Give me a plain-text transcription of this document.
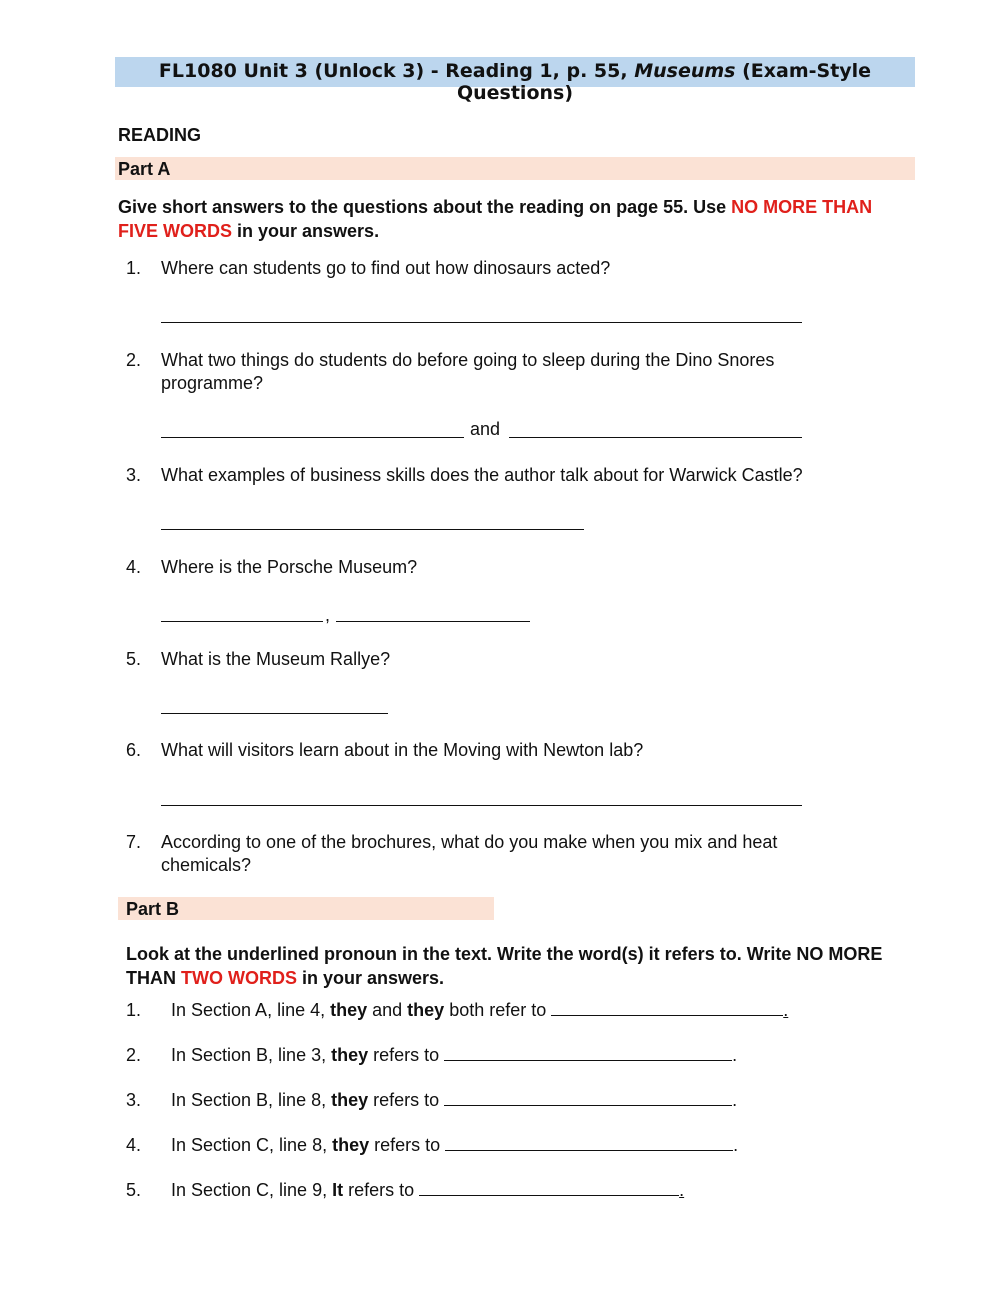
FL1080 Unit 3 (Unlock 3) - Reading 1, p. 55, Museums (Exam-Style Questions)
READING
Part A
Give short answers to the questions about the reading on page 55. Use NO MORE THAN FIVE WORDS in your answers.
1. Where can students go to find out how dinosaurs acted?
2. What two things do students do before going to sleep during the Dino Snores programme?
and
3. What examples of business skills does the author talk about for Warwick Castle?
4. Where is the Porsche Museum?
,
5. What is the Museum Rallye?
6. What will visitors learn about in the Moving with Newton lab?
7. According to one of the brochures, what do you make when you mix and heat chemicals?
Part B
Look at the underlined pronoun in the text. Write the word(s) it refers to. Write NO MORE THAN TWO WORDS in your answers.
1. In Section A, line 4, they and they both refer to	.
2. In Section B, line 3, they refers to	.
3. In Section B, line 8, they refers to	.
4. In Section C, line 8, they refers to	.
5. In Section C, line 9, It refers to	.
